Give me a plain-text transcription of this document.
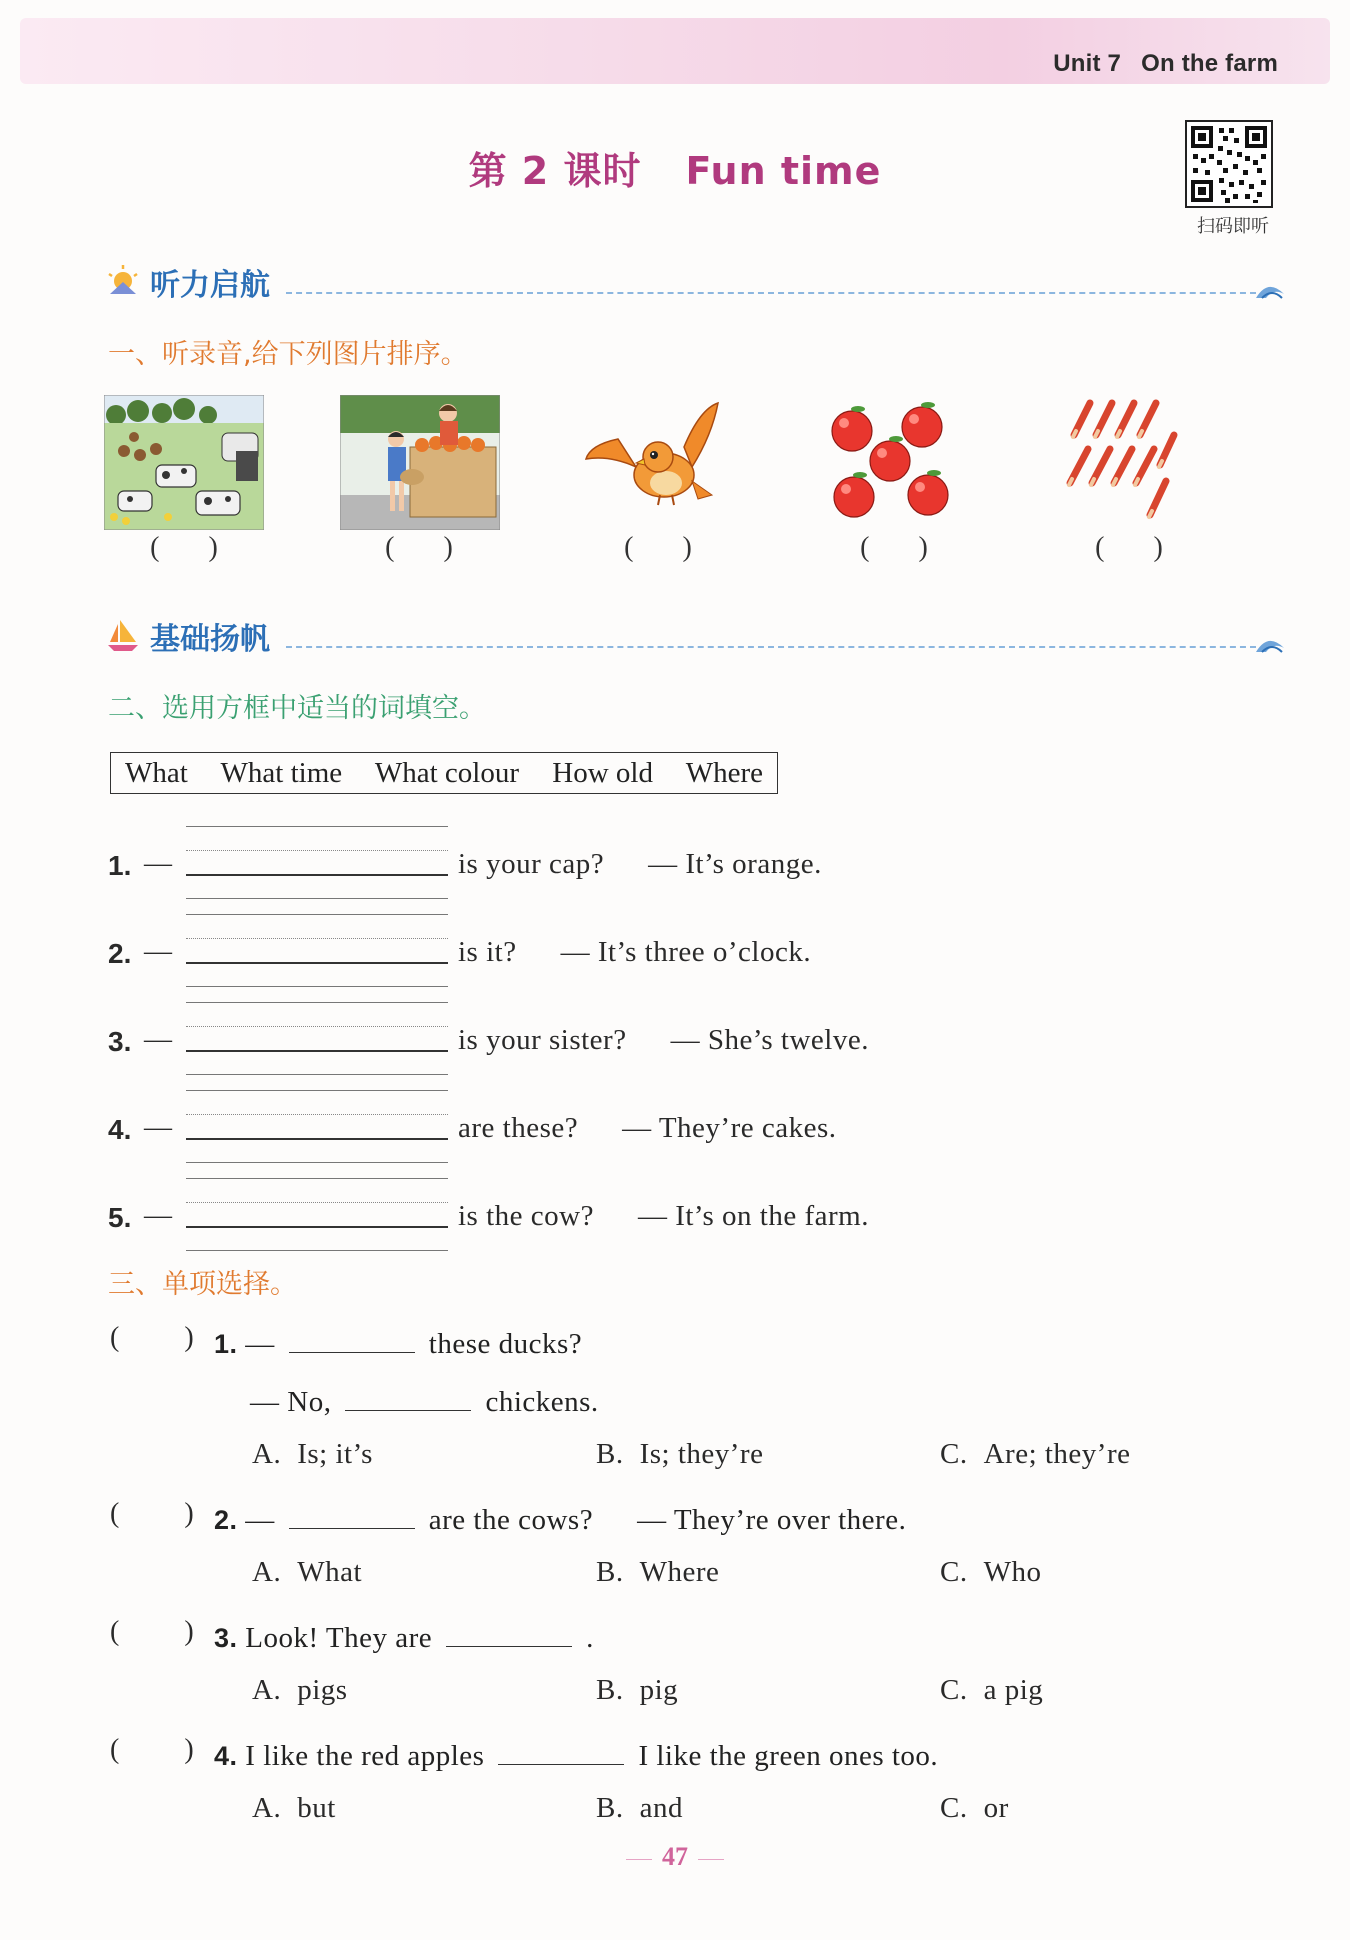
Unit 7 On the farm
第 2 课时 Fun time
扫码即听
听力启航
一、听录音,给下列图片排序。
( )	( )	( )	( )	( )
基础扬帆
二、选用方框中适当的词填空。
What What time What colour How old Where
1. —	is your cap? — It’s orange.
2. —	is it? — It’s three o’clock.
3. —	is your sister? — She’s twelve.
4. —	are these? — They’re cakes.
5. —	is the cow? — It’s on the farm.
三、单项选择。
( ) 1. —	these ducks?
— No,	chickens.
A. Is; it’s	B. Is; they’re	C. Are; they’re
( ) 2. —	are the cows? — They’re over there.
A. What	B. Where	C. Who
( ) 3. Look! They are	.
A. pigs	B. pig	C. a pig
( ) 4. I like the red apples	I like the green ones too.
A. but	B. and	C. or
47
